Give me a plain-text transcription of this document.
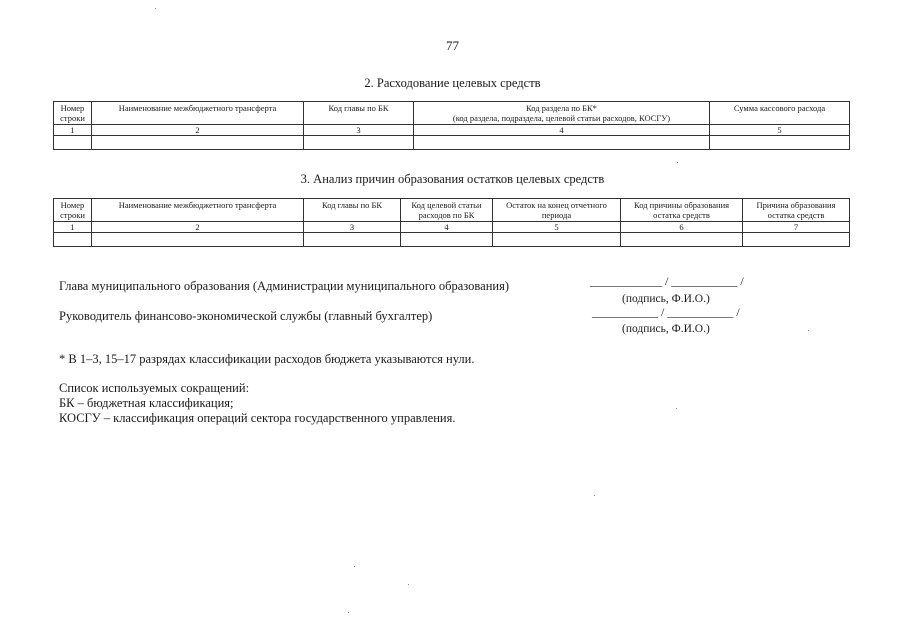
77
2. Расходование целевых средств
Номер строки	Наименование межбюджетного трансферта	Код главы по БК	Код раздела по БК*
(код раздела, подраздела, целевой статьи расходов, КОСГУ)	Сумма кассового расхода
1	2	3	4	5

3. Анализ причин образования остатков целевых средств
Номер строки	Наименование межбюджетного трансферта	Код главы по БК	Код целевой статьи расходов по БК	Остаток на конец отчетного периода	Код причины образования остатка средств	Причина образования остатка средств
1	2	3	4	5	6	7

Глава муниципального образования (Администрации муниципального образования)	____________ / ___________ /
(подпись, Ф.И.О.)
Руководитель финансово-экономической службы (главный бухгалтер)	___________ / ___________ /
(подпись, Ф.И.О.)
* В 1–3, 15–17 разрядах классификации расходов бюджета указываются нули.
Список используемых сокращений:
БК – бюджетная классификация;
КОСГУ – классификация операций сектора государственного управления.
